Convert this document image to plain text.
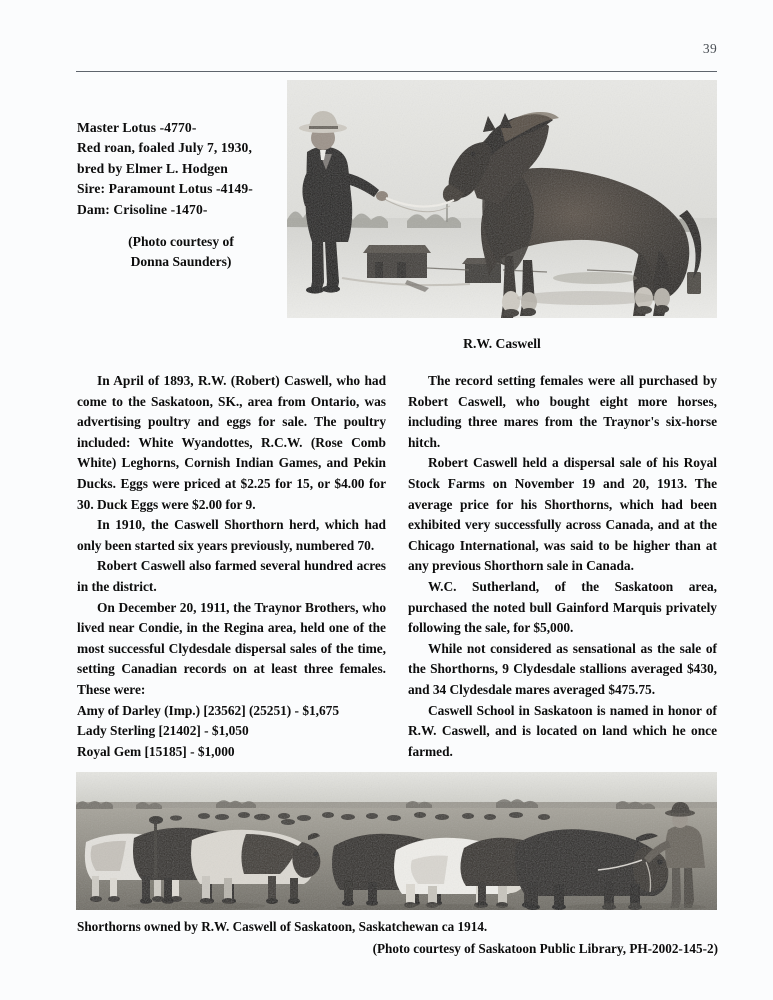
39
Master Lotus -4770-
Red roan, foaled July 7, 1930,
bred by Elmer L. Hodgen
Sire: Paramount Lotus -4149-
Dam: Crisoline -1470-
(Photo courtesy of
Donna Saunders)
R.W. Caswell

In April of 1893, R.W. (Robert) Caswell, who had come to the Saskatoon, SK., area from Ontario, was advertising poultry and eggs for sale. The poultry included: White Wyandottes, R.C.W. (Rose Comb White) Leghorns, Cornish Indian Games, and Pekin Ducks. Eggs were priced at $2.25 for 15, or $4.00 for 30. Duck Eggs were $2.00 for 9.

In 1910, the Caswell Shorthorn herd, which had only been started six years previously, numbered 70.

Robert Caswell also farmed several hundred acres in the district.

On December 20, 1911, the Traynor Brothers, who lived near Condie, in the Regina area, held one of the most successful Clydesdale dispersal sales of the time, setting Canadian records on at least three females. These were:

Amy of Darley (Imp.) [23562] (25251) - $1,675

Lady Sterling [21402] - $1,050

Royal Gem [15185] - $1,000

The record setting females were all purchased by Robert Caswell, who bought eight more horses, including three mares from the Traynor's six-horse hitch.

Robert Caswell held a dispersal sale of his Royal Stock Farms on November 19 and 20, 1913. The average price for his Shorthorns, which had been exhibited very successfully across Canada, and at the Chicago International, was said to be higher than at any previous Shorthorn sale in Canada.

W.C. Sutherland, of the Saskatoon area, purchased the noted bull Gainford Marquis privately following the sale, for $5,000.

While not considered as sensational as the sale of the Shorthorns, 9 Clydesdale stallions averaged $430, and 34 Clydesdale mares averaged $475.75.

Caswell School in Saskatoon is named in honor of R.W. Caswell, and is located on land which he once farmed.

Shorthorns owned by R.W. Caswell of Saskatoon, Saskatchewan ca 1914.
(Photo courtesy of Saskatoon Public Library, PH-2002-145-2)
